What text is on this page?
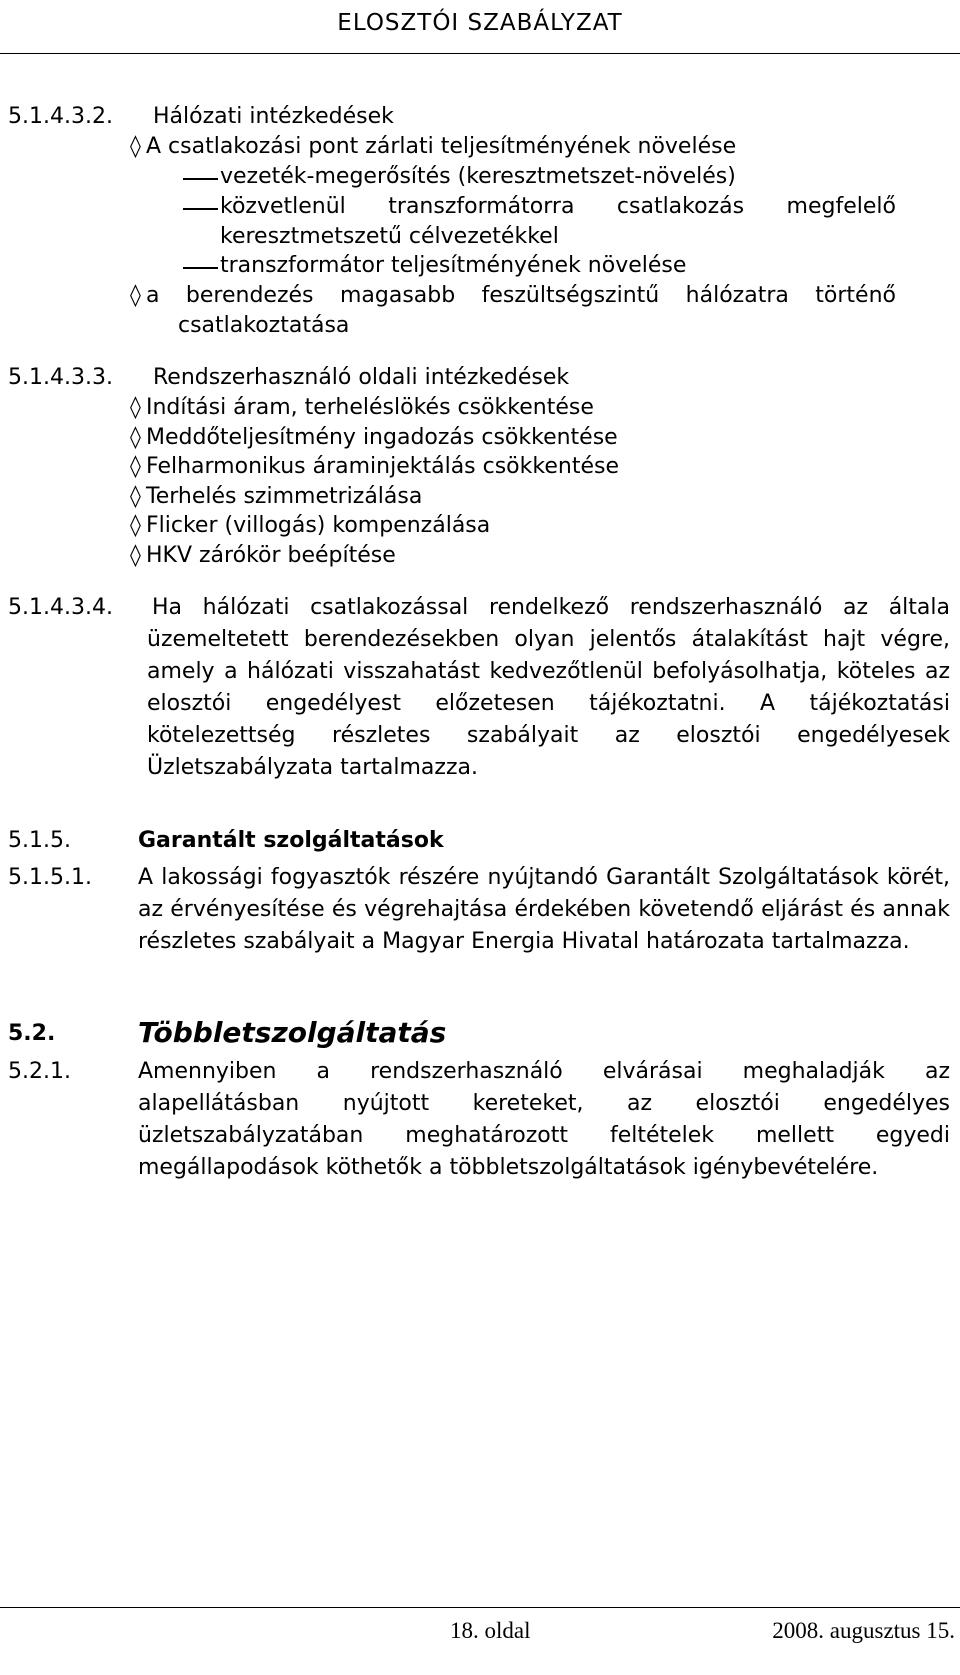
ELOSZTÓI SZABÁLYZAT
5.1.4.3.2. Hálózati intézkedések
◊ A csatlakozási pont zárlati teljesítményének növelése
vezeték-megerősítés (keresztmetszet-növelés)
közvetlenül transzformátorra csatlakozás megfelelő
keresztmetszetű célvezetékkel
transzformátor teljesítményének növelése
◊ a berendezés magasabb feszültségszintű hálózatra történő
csatlakoztatása
5.1.4.3.3. Rendszerhasználó oldali intézkedések
◊ Indítási áram, terheléslökés csökkentése
◊ Meddőteljesítmény ingadozás csökkentése
◊ Felharmonikus áraminjektálás csökkentése
◊ Terhelés szimmetrizálása
◊ Flicker (villogás) kompenzálása
◊ HKV zárókör beépítése
5.1.4.3.4. Ha hálózati csatlakozással rendelkező rendszerhasználó az általa üzemeltetett berendezésekben olyan jelentős átalakítást hajt végre, amely a hálózati visszahatást kedvezőtlenül befolyásolhatja, köteles az elosztói engedélyest előzetesen tájékoztatni. A tájékoztatási kötelezettség részletes szabályait az elosztói engedélyesek Üzletszabályzata tartalmazza.
5.1.5.	Garantált szolgáltatások
5.1.5.1. A lakossági fogyasztók részére nyújtandó Garantált Szolgáltatások körét, az érvényesítése és végrehajtása érdekében követendő eljárást és annak részletes szabályait a Magyar Energia Hivatal határozata tartalmazza.
5.2.	Többletszolgáltatás
5.2.1.	Amennyiben a rendszerhasználó elvárásai meghaladják az alapellátásban nyújtott kereteket, az elosztói engedélyes üzletszabályzatában meghatározott feltételek mellett egyedi megállapodások köthetők a többletszolgáltatások igénybevételére.
18. oldal	2008. augusztus 15.
